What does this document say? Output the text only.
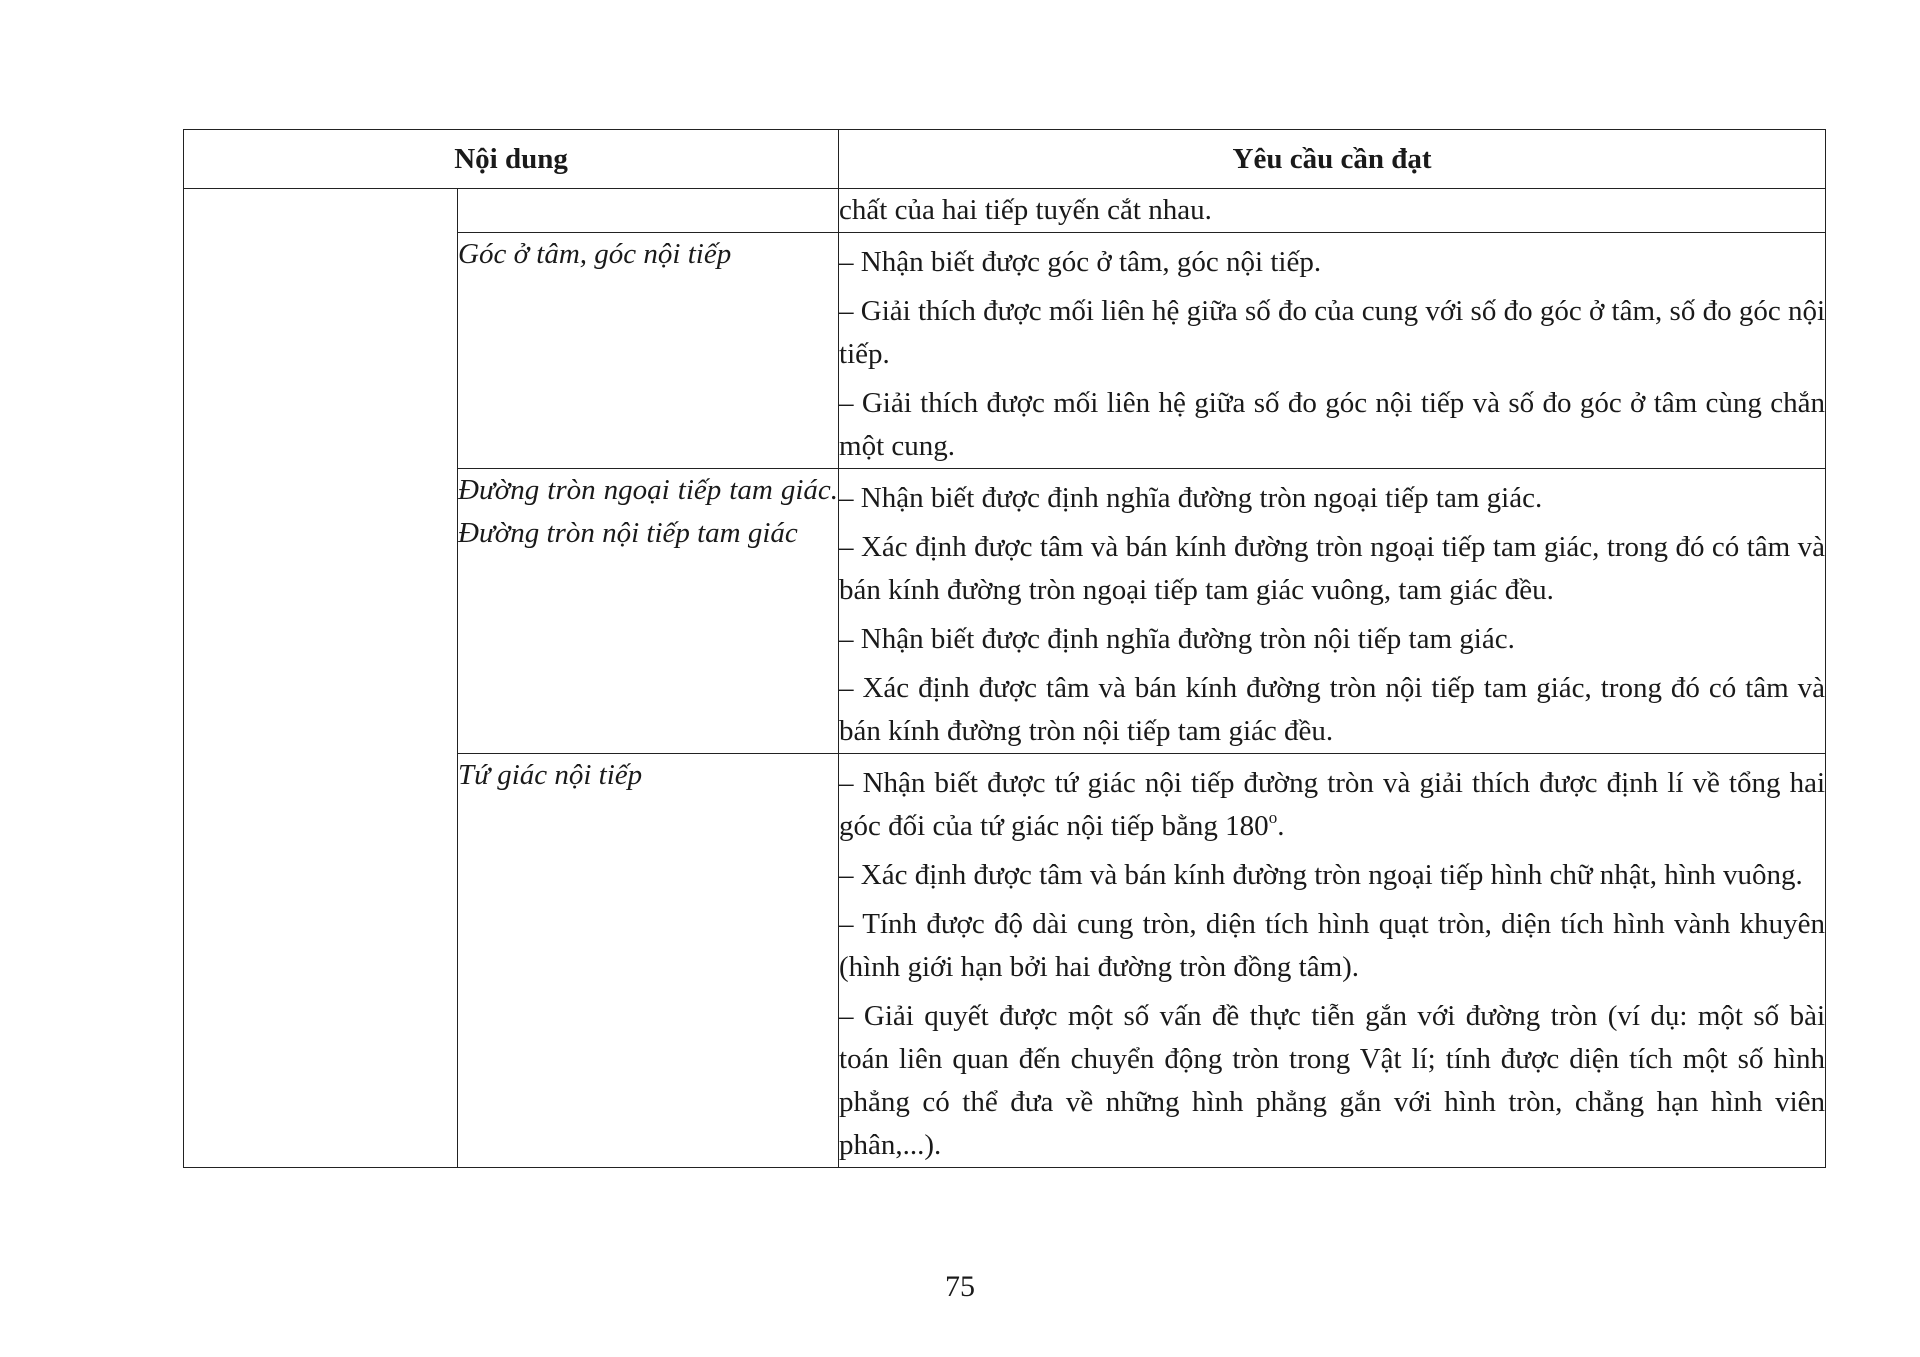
Nội dung		Yêu cầu cần đạt

		chất của hai tiếp tuyến cắt nhau.

	Góc ở tâm, góc nội tiếp	– Nhận biết được góc ở tâm, góc nội tiếp.

– Giải thích được mối liên hệ giữa số đo của cung với số đo góc ở tâm, số đo góc nội tiếp.

– Giải thích được mối liên hệ giữa số đo góc nội tiếp và số đo góc ở tâm cùng chắn một cung.

	Đường tròn ngoại tiếp tam giác. Đường tròn nội tiếp tam giác	– Nhận biết được định nghĩa đường tròn ngoại tiếp tam giác.

– Xác định được tâm và bán kính đường tròn ngoại tiếp tam giác, trong đó có tâm và bán kính đường tròn ngoại tiếp tam giác vuông, tam giác đều.

– Nhận biết được định nghĩa đường tròn nội tiếp tam giác.

– Xác định được tâm và bán kính đường tròn nội tiếp tam giác, trong đó có tâm và bán kính đường tròn nội tiếp tam giác đều.

	Tứ giác nội tiếp	– Nhận biết được tứ giác nội tiếp đường tròn và giải thích được định lí về tổng hai góc đối của tứ giác nội tiếp bằng 180$^o$.

– Xác định được tâm và bán kính đường tròn ngoại tiếp hình chữ nhật, hình vuông.

– Tính được độ dài cung tròn, diện tích hình quạt tròn, diện tích hình vành khuyên (hình giới hạn bởi hai đường tròn đồng tâm).

– Giải quyết được một số vấn đề thực tiễn gắn với đường tròn (ví dụ: một số bài toán liên quan đến chuyển động tròn trong Vật lí; tính được diện tích một số hình phẳng có thể đưa về những hình phẳng gắn với hình tròn, chẳng hạn hình viên phân,...).

75
